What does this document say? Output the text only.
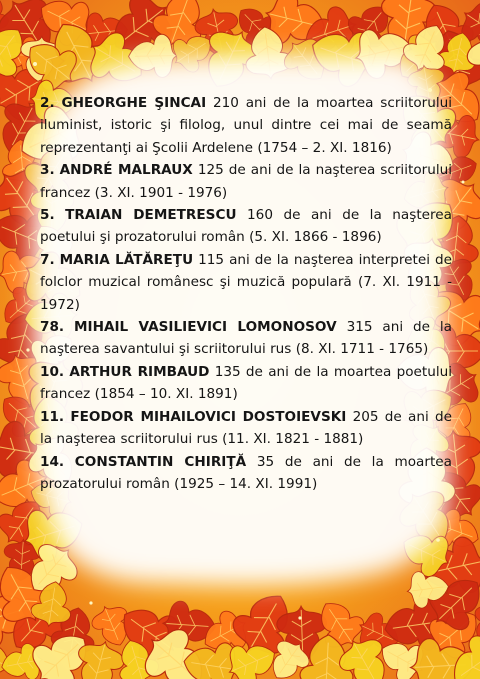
2. GHEORGHE ŞINCAI 210 ani de la moartea scriitorului iluminist, istoric şi filolog, unul dintre cei mai de seamă reprezentanţi ai Şcolii Ardelene (1754 – 2. XI. 1816)

3. ANDRÉ MALRAUX 125 de ani de la naşterea scriitorului francez (3. XI. 1901 - 1976)

5. TRAIAN DEMETRESCU 160 de ani de la naşterea poetului şi prozatorului român (5. XI. 1866 - 1896)

7. MARIA LĂTĂREŢU 115 ani de la naşterea interpretei de folclor muzical românesc şi muzică populară (7. XI. 1911 - 1972)

78. MIHAIL VASILIEVICI LOMONOSOV 315 ani de la naşterea savantului şi scriitorului rus (8. XI. 1711 - 1765)

10. ARTHUR RIMBAUD 135 de ani de la moartea poetului francez (1854 – 10. XI. 1891)

11. FEODOR MIHAILOVICI DOSTOIEVSKI 205 de ani de la naşterea scriitorului rus (11. XI. 1821 - 1881)

14. CONSTANTIN CHIRIŢĂ 35 de ani de la moartea prozatorului român (1925 – 14. XI. 1991)
